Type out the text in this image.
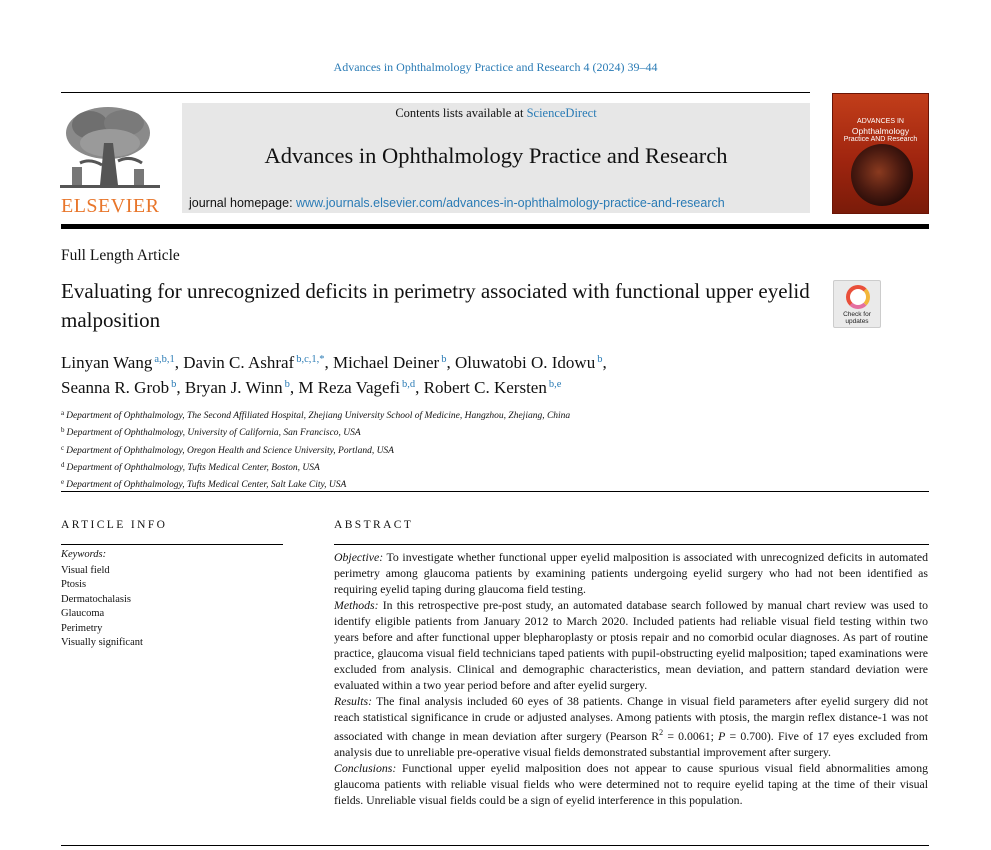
Advances in Ophthalmology Practice and Research 4 (2024) 39–44
ELSEVIER
Contents lists available at ScienceDirect
Advances in Ophthalmology Practice and Research
journal homepage: www.journals.elsevier.com/advances-in-ophthalmology-practice-and-research
ADVANCES IN
Ophthalmology
Practice AND Research
Full Length Article
Evaluating for unrecognized deficits in perimetry associated with functional upper eyelid malposition	Check for
updates
Linyan Wang $^{a,b,1}$, Davin C. Ashraf $^{b,c,1,*}$, Michael Deiner $^b$, Oluwatobi O. Idowu $^b$,
Seanna R. Grob $^b$, Bryan J. Winn $^b$, M Reza Vagefi $^{b,d}$, Robert C. Kersten $^{b,e}$
$^a$ Department of Ophthalmology, The Second Affiliated Hospital, Zhejiang University School of Medicine, Hangzhou, Zhejiang, China
$^b$ Department of Ophthalmology, University of California, San Francisco, USA
$^c$ Department of Ophthalmology, Oregon Health and Science University, Portland, USA
$^d$ Department of Ophthalmology, Tufts Medical Center, Boston, USA
$^e$ Department of Ophthalmology, Tufts Medical Center, Salt Lake City, USA
ARTICLE INFO
Keywords:
Visual field
Ptosis
Dermatochalasis
Glaucoma
Perimetry
Visually significant
ABSTRACT

Objective: To investigate whether functional upper eyelid malposition is associated with unrecognized deficits in automated perimetry among glaucoma patients by examining patients undergoing eyelid surgery who had not been identified as requiring eyelid taping during glaucoma field testing.

Methods: In this retrospective pre-post study, an automated database search followed by manual chart review was used to identify eligible patients from January 2012 to March 2020. Included patients had reliable visual field testing within two years before and after functional upper blepharoplasty or ptosis repair and no comorbid ocular diagnoses. As part of routine practice, glaucoma visual field technicians taped patients with pupil-obstructing eyelid malposition; taped examinations were excluded from analysis. Clinical and demographic characteristics, mean deviation, and pattern standard deviation were evaluated within a two year period before and after eyelid surgery.

Results: The final analysis included 60 eyes of 38 patients. Change in visual field parameters after eyelid surgery did not reach statistical significance in crude or adjusted analyses. Among patients with ptosis, the margin reflex distance-1 was not associated with change in mean deviation after surgery (Pearson $R^2 = 0.0061$; P = 0.700). Five of 17 eyes excluded from analysis due to unreliable pre-operative visual fields demonstrated substantial improvement after surgery.

Conclusions: Functional upper eyelid malposition does not appear to cause spurious visual field abnormalities among glaucoma patients with reliable visual fields who were determined not to require eyelid taping at the time of their visual fields. Unreliable visual fields could be a sign of eyelid interference in this population.
